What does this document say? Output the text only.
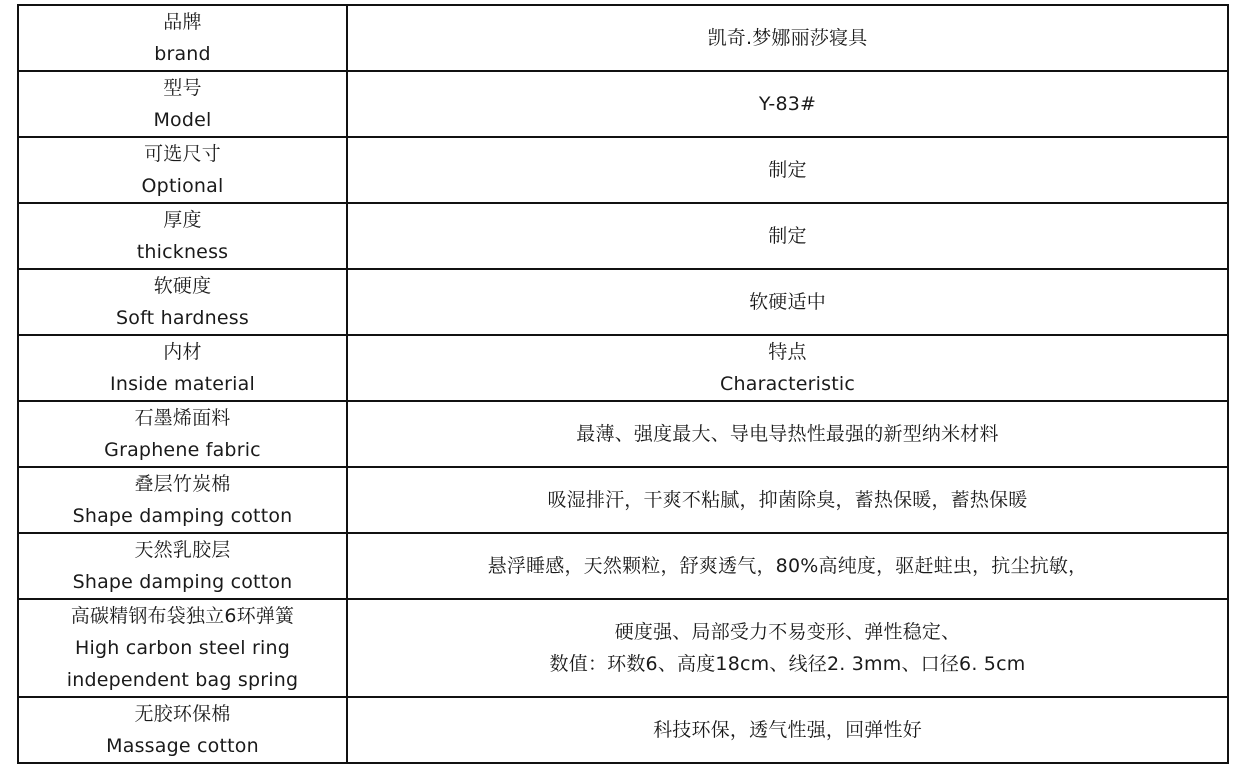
品牌
brand	凯奇.梦娜丽莎寝具

型号
Model	Y-83#

可选尺寸
Optional	制定

厚度
thickness	制定

软硬度
Soft hardness	软硬适中

内材
Inside material	特点
Characteristic

石墨烯面料
Graphene fabric	最薄、强度最大、导电导热性最强的新型纳米材料

叠层竹炭棉
Shape damping cotton	吸湿排汗，干爽不粘腻，抑菌除臭，蓄热保暖，蓄热保暖

天然乳胶层
Shape damping cotton	悬浮睡感，天然颗粒，舒爽透气，80%高纯度，驱赶蛀虫，抗尘抗敏，

高碳精钢布袋独立6环弹簧
High carbon steel ring
independent bag spring	硬度强、局部受力不易变形、弹性稳定、
数值：环数6、高度18cm、线径2. 3mm、口径6. 5cm

无胶环保棉
Massage cotton	科技环保，透气性强，回弹性好
